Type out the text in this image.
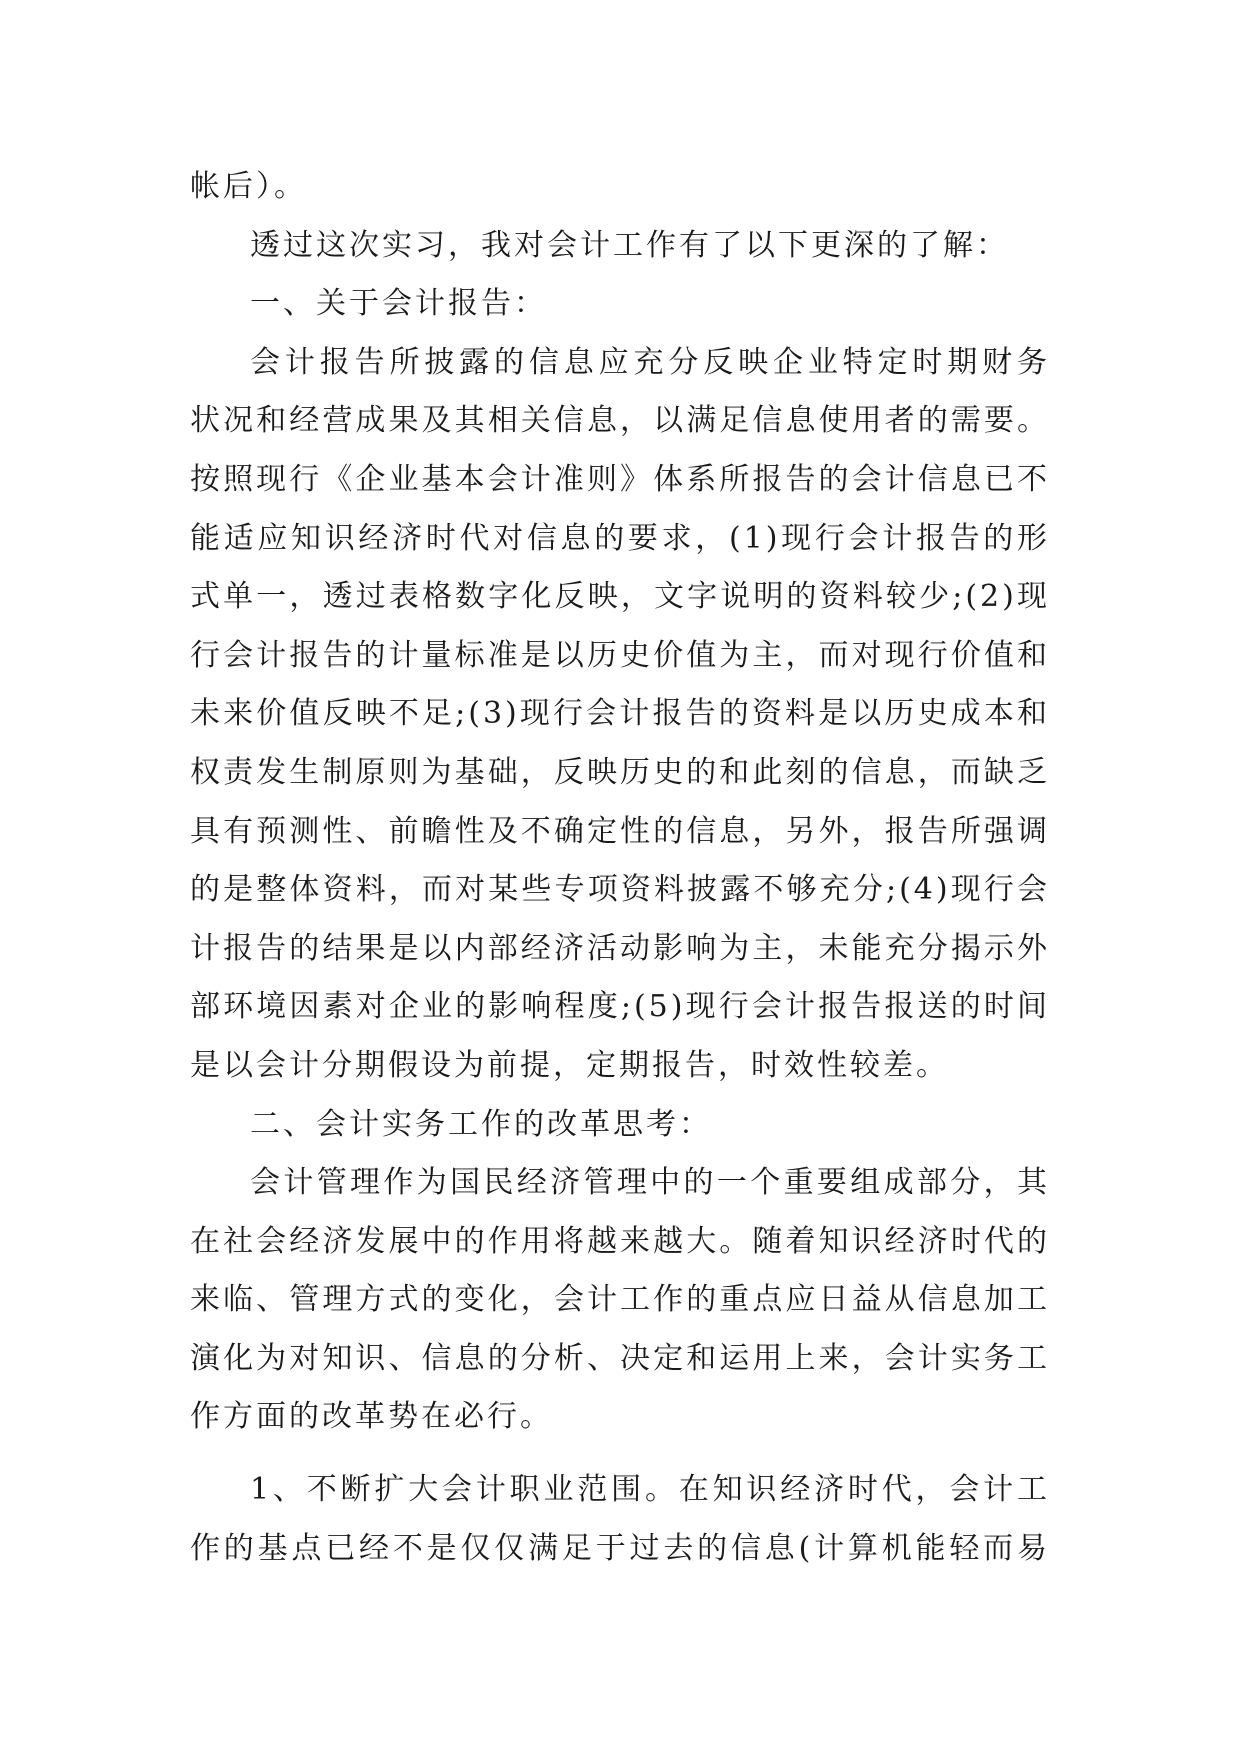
帐后）。
透过这次实习，我对会计工作有了以下更深的了解：
一、关于会计报告：
会计报告所披露的信息应充分反映企业特定时期财务
状况和经营成果及其相关信息，以满足信息使用者的需要。
按照现行《企业基本会计准则》体系所报告的会计信息已不
能适应知识经济时代对信息的要求，(1)现行会计报告的形
式单一，透过表格数字化反映，文字说明的资料较少;(2)现
行会计报告的计量标准是以历史价值为主，而对现行价值和
未来价值反映不足;(3)现行会计报告的资料是以历史成本和
权责发生制原则为基础，反映历史的和此刻的信息，而缺乏
具有预测性、前瞻性及不确定性的信息，另外，报告所强调
的是整体资料，而对某些专项资料披露不够充分;(4)现行会
计报告的结果是以内部经济活动影响为主，未能充分揭示外
部环境因素对企业的影响程度;(5)现行会计报告报送的时间
是以会计分期假设为前提，定期报告，时效性较差。
二、会计实务工作的改革思考：
会计管理作为国民经济管理中的一个重要组成部分，其
在社会经济发展中的作用将越来越大。随着知识经济时代的
来临、管理方式的变化，会计工作的重点应日益从信息加工
演化为对知识、信息的分析、决定和运用上来，会计实务工
作方面的改革势在必行。
1、不断扩大会计职业范围。在知识经济时代，会计工
作的基点已经不是仅仅满足于过去的信息(计算机能轻而易
